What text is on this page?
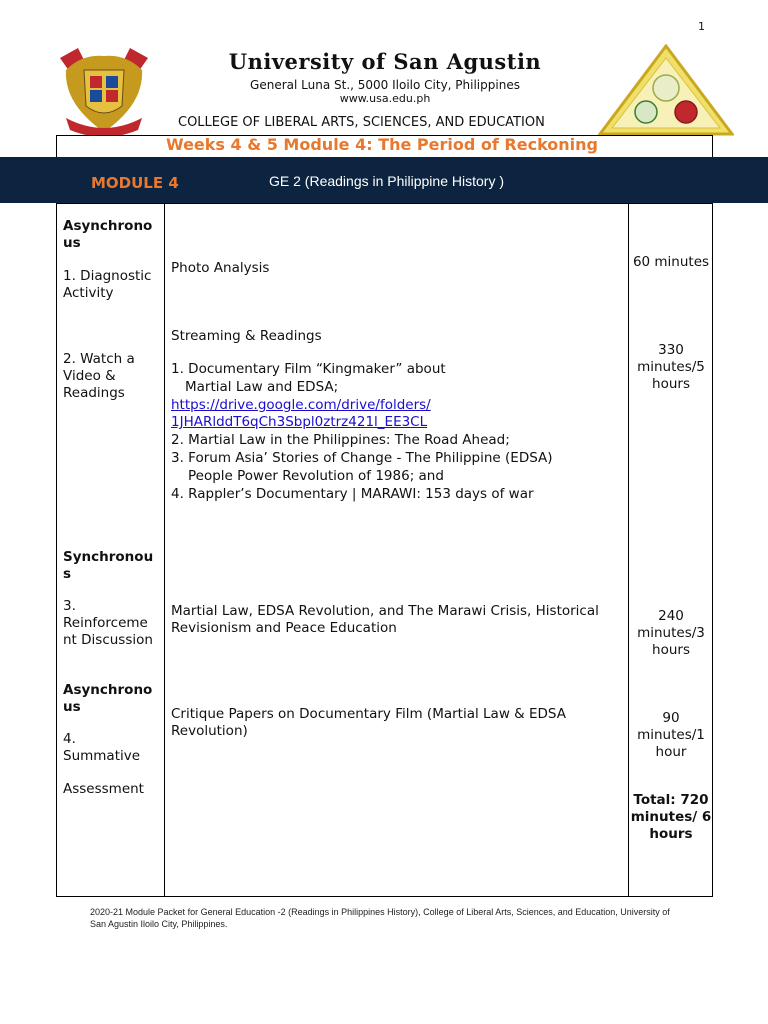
1
University of San Agustin
General Luna St., 5000 Iloilo City, Philippines
www.usa.edu.ph
COLLEGE OF LIBERAL ARTS, SCIENCES, AND EDUCATION
Weeks 4 & 5 Module 4: The Period of Reckoning
MODULE 4	GE 2 (Readings in Philippine History )
Asynchrono us
1. Diagnostic Activity
Photo Analysis	60 minutes
2. Watch a Video & Readings
Streaming & Readings
1. Documentary Film “Kingmaker” about
Martial Law and EDSA;
https://drive.google.com/drive/folders/
1JHARlddT6qCh3Sbpl0ztrz421l_EE3CL
2. Martial Law in the Philippines: The Road Ahead;
3. Forum Asia’ Stories of Change - The Philippine (EDSA)
People Power Revolution of 1986; and
4. Rappler’s Documentary | MARAWI: 153 days of war
330 minutes/5 hours
Synchronou s
3. Reinforceme nt Discussion
Martial Law, EDSA Revolution, and The Marawi Crisis, Historical Revisionism and Peace Education
240 minutes/3 hours
Asynchrono us
4. Summative
Assessment
Critique Papers on Documentary Film (Martial Law & EDSA Revolution)
90 minutes/1 hour
Total: 720 minutes/ 6 hours
2020-21 Module Packet for General Education -2 (Readings in Philippines History), College of Liberal Arts, Sciences, and Education, University of San Agustin Iloilo City, Philippines.
